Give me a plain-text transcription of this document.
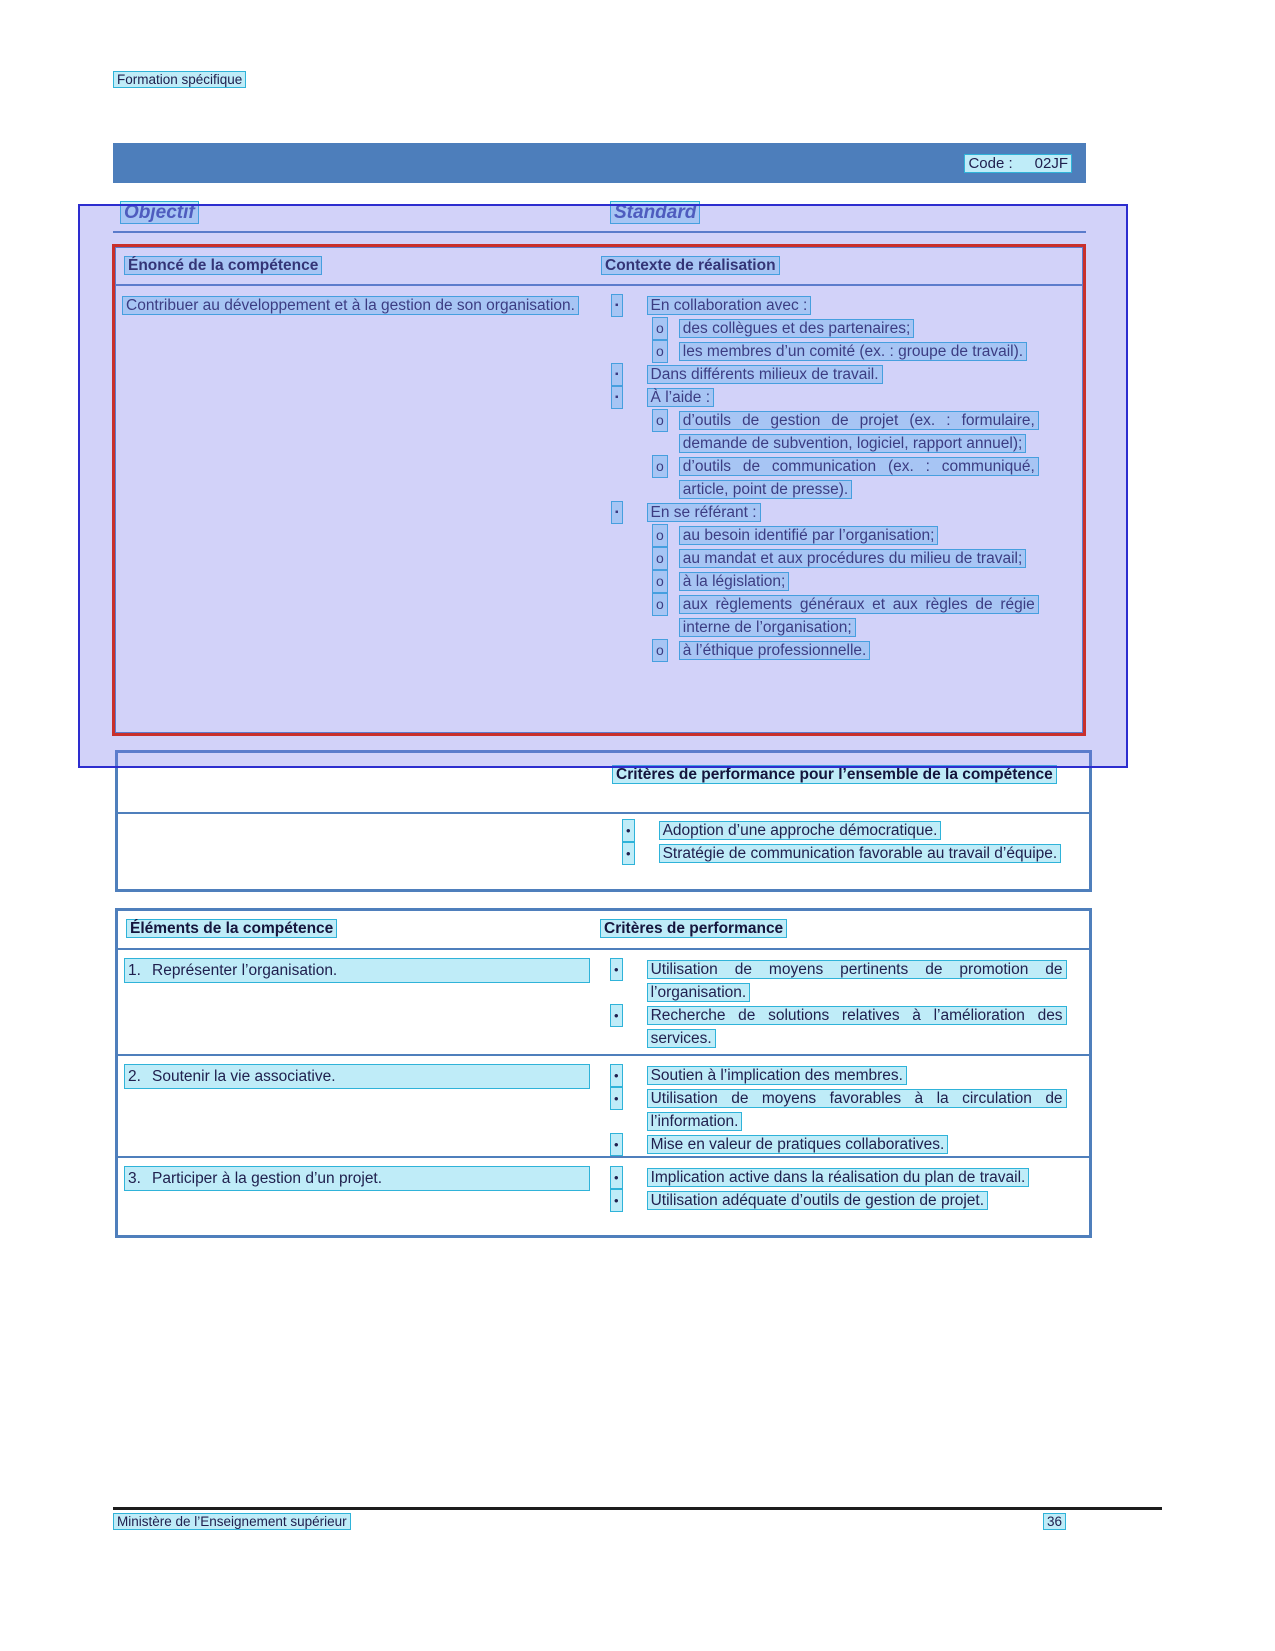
Formation spécifique
Code : 02JF
Objectif	Standard
Énoncé de la compétence	Contexte de réalisation
Contribuer au développement et à la gestion de son organisation.	▪ En collaboration avec :
o des collègues et des partenaires;
o les membres d’un comité (ex. : groupe de travail).
▪ Dans différents milieux de travail.
▪ À l’aide :
o d’outils de gestion de projet (ex. : formulaire, demande de subvention, logiciel, rapport annuel);
o d’outils de communication (ex. : communiqué, article, point de presse).
▪ En se référant :
o au besoin identifié par l’organisation;
o au mandat et aux procédures du milieu de travail;
o à la législation;
o aux règlements généraux et aux règles de régie interne de l’organisation;
o à l’éthique professionnelle.
Critères de performance pour l’ensemble de la compétence
• Adoption d’une approche démocratique.
• Stratégie de communication favorable au travail d’équipe.
Éléments de la compétence	Critères de performance
1. Représenter l’organisation.	• Utilisation de moyens pertinents de promotion de l’organisation.
• Recherche de solutions relatives à l’amélioration des services.
2. Soutenir la vie associative.	• Soutien à l’implication des membres.
• Utilisation de moyens favorables à la circulation de l’information.
• Mise en valeur de pratiques collaboratives.
3. Participer à la gestion d’un projet.	• Implication active dans la réalisation du plan de travail.
• Utilisation adéquate d’outils de gestion de projet.
Ministère de l’Enseignement supérieur	36
